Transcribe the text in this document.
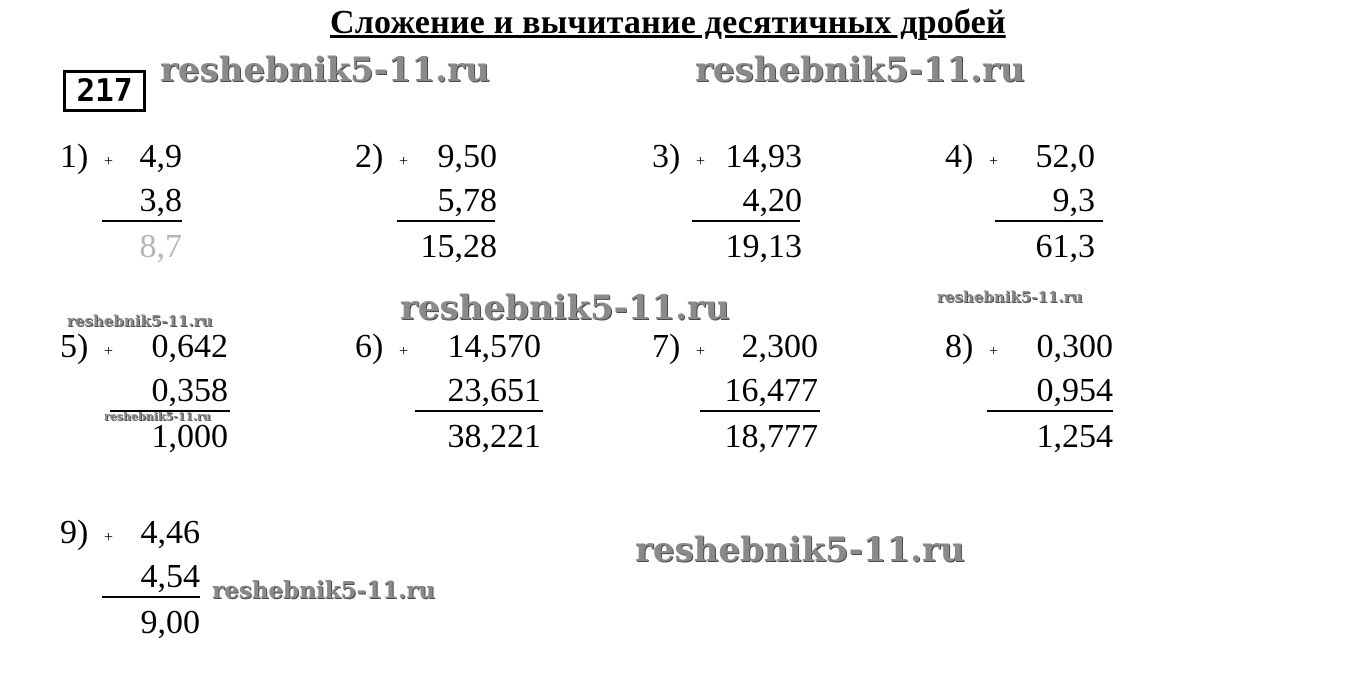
Сложение и вычитание десятичных дробей
217
reshebnik5-11.ru	reshebnik5-11.ru
reshebnik5-11.ru	reshebnik5-11.ru
reshebnik5-11.ru
reshebnik5-11.ru
reshebnik5-11.ru
reshebnik5-11.ru
1) + 4,9
3,8
8,7
2) + 9,50
5,78
15,28
3) + 14,93
4,20
19,13
4) + 52,0
9,3
61,3
5) + 0,642
0,358
1,000
6) + 14,570
23,651
38,221
7) + 2,300
16,477
18,777
8) + 0,300
0,954
1,254
9) + 4,46
4,54
9,00
